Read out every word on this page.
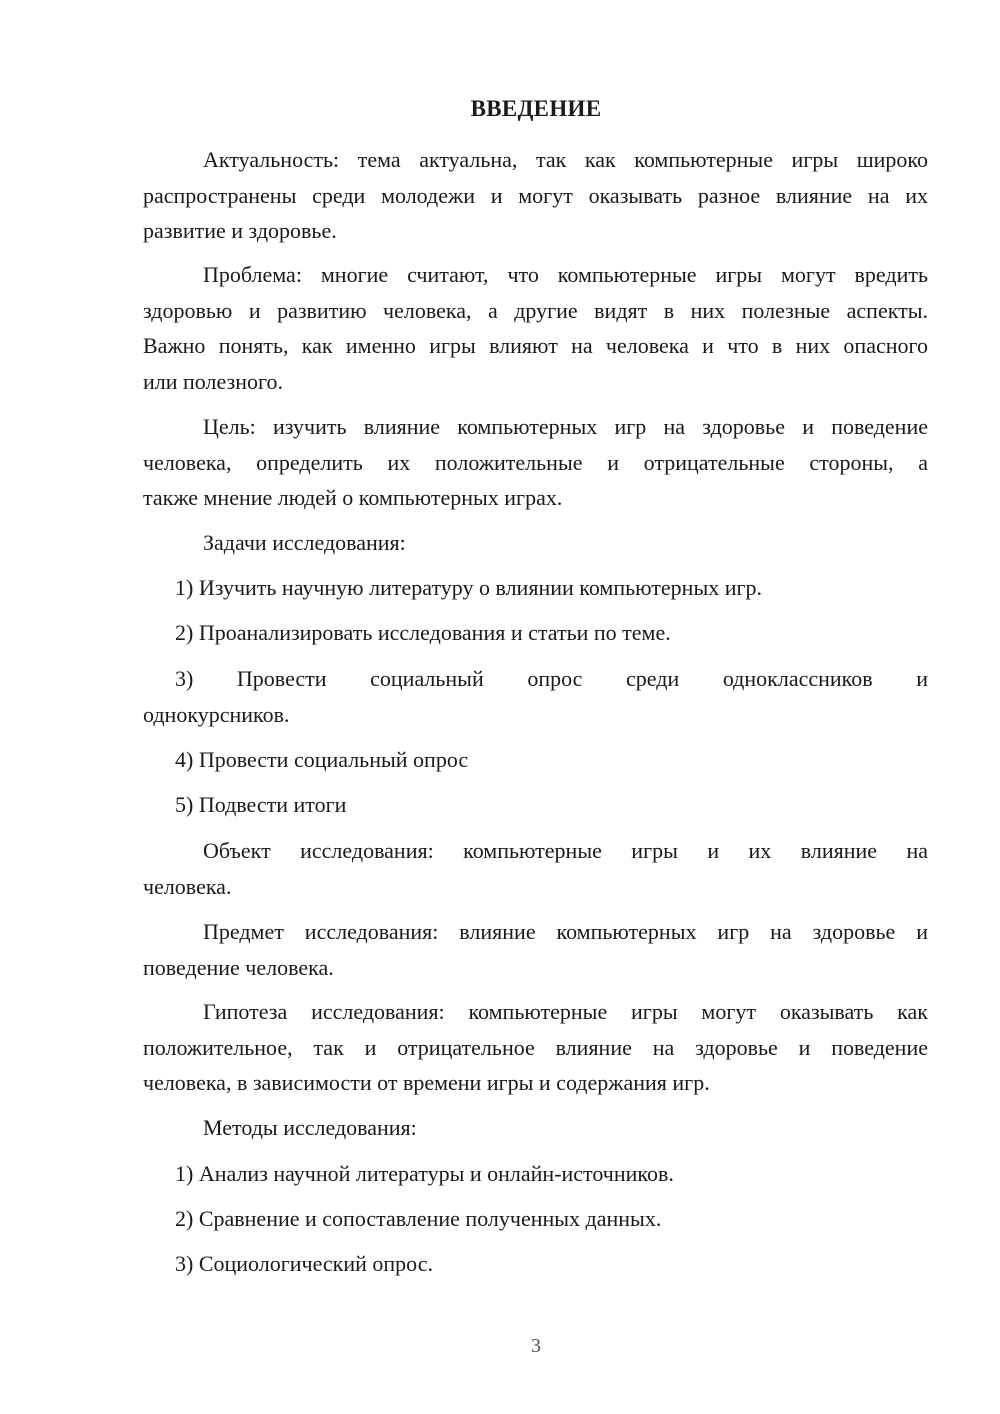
ВВЕДЕНИЕ
Актуальность: тема актуальна, так как компьютерные игры широко
распространены среди молодежи и могут оказывать разное влияние на их
развитие и здоровье.
Проблема: многие считают, что компьютерные игры могут вредить
здоровью и развитию человека, а другие видят в них полезные аспекты.
Важно понять, как именно игры влияют на человека и что в них опасного
или полезного.
Цель: изучить влияние компьютерных игр на здоровье и поведение
человека, определить их положительные и отрицательные стороны, а
также мнение людей о компьютерных играх.
Задачи исследования:
1) Изучить научную литературу о влиянии компьютерных игр.
2) Проанализировать исследования и статьи по теме.
3) Провести социальный опрос среди одноклассников и
однокурсников.
4) Провести социальный опрос
5) Подвести итоги
Объект исследования: компьютерные игры и их влияние на
человека.
Предмет исследования: влияние компьютерных игр на здоровье и
поведение человека.
Гипотеза исследования: компьютерные игры могут оказывать как
положительное, так и отрицательное влияние на здоровье и поведение
человека, в зависимости от времени игры и содержания игр.
Методы исследования:
1) Анализ научной литературы и онлайн-источников.
2) Сравнение и сопоставление полученных данных.
3) Социологический опрос.
3
